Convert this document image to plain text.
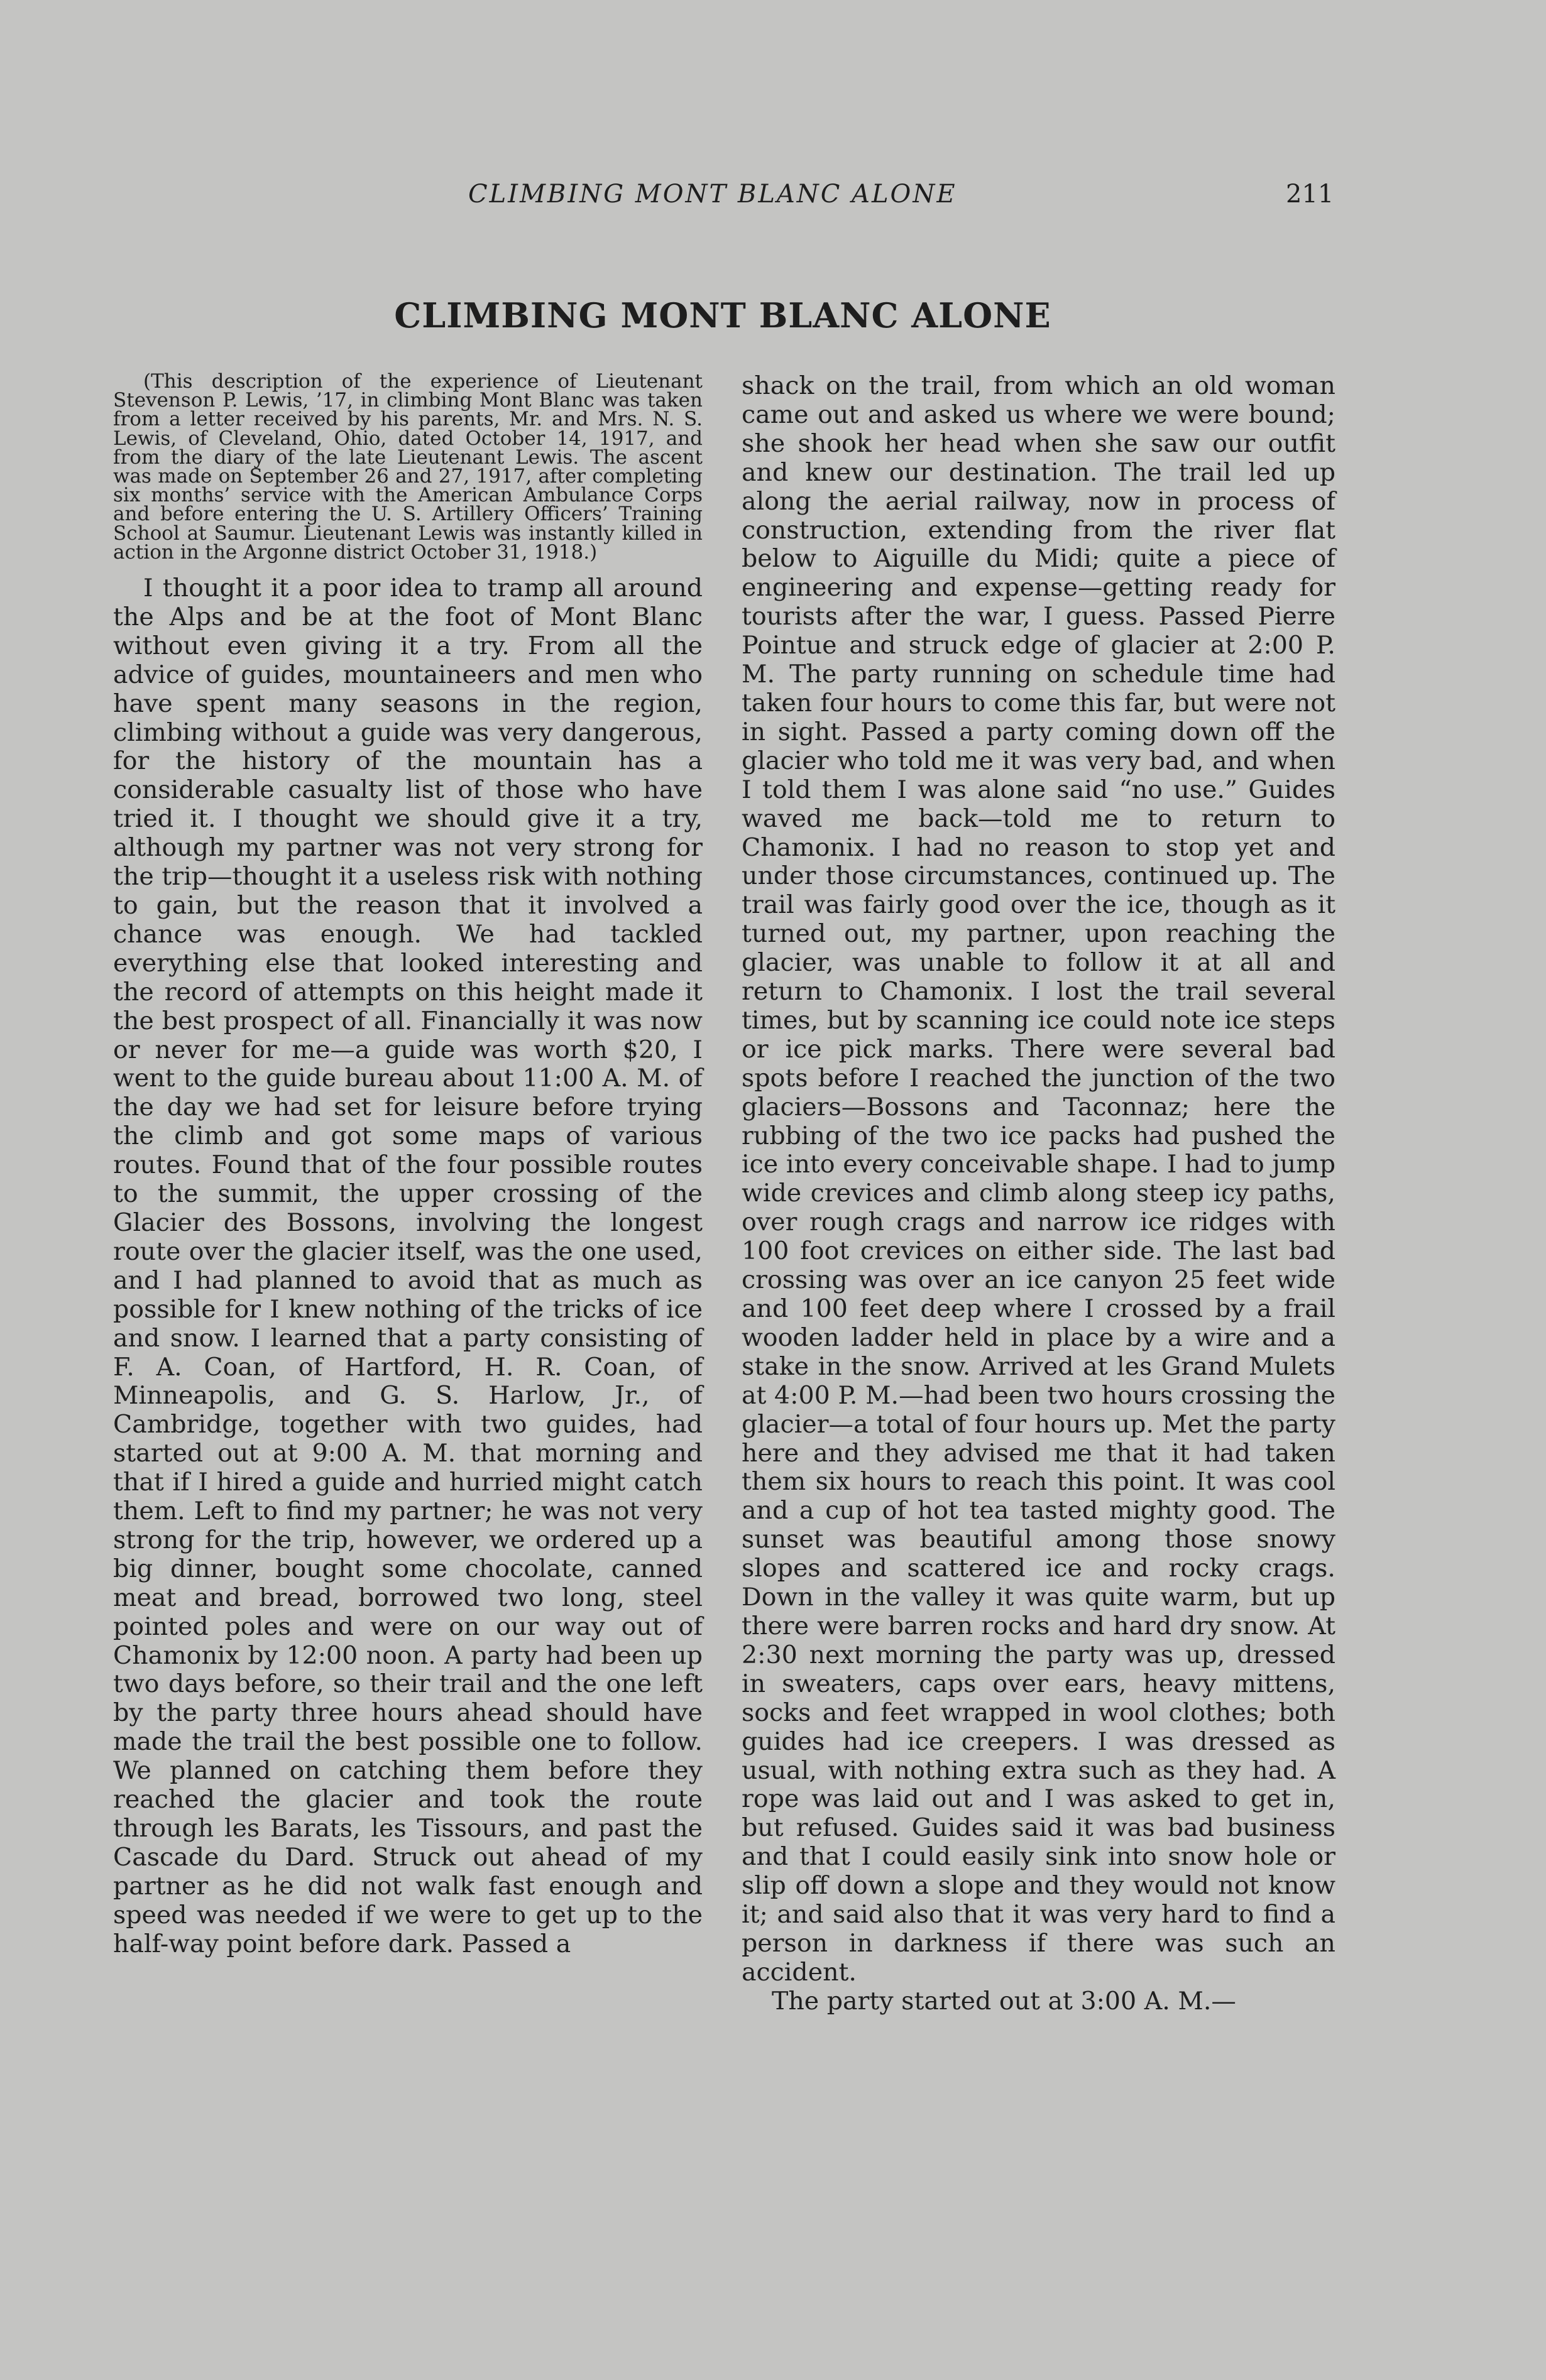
CLIMBING MONT BLANC ALONE	211
CLIMBING MONT BLANC ALONE

(This description of the experience of Lieutenant Stevenson P. Lewis, ’17, in climbing Mont Blanc was taken from a letter received by his parents, Mr. and Mrs. N. S. Lewis, of Cleveland, Ohio, dated October 14, 1917, and from the diary of the late Lieutenant Lewis. The ascent was made on September 26 and 27, 1917, after completing six months’ service with the American Ambulance Corps and before entering the U. S. Artillery Officers’ Training School at Saumur. Lieutenant Lewis was instantly killed in action in the Argonne district October 31, 1918.)

I thought it a poor idea to tramp all around the Alps and be at the foot of Mont Blanc without even giving it a try. From all the advice of guides, mountaineers and men who have spent many seasons in the region, climbing without a guide was very dangerous, for the history of the mountain has a considerable casualty list of those who have tried it. I thought we should give it a try, although my partner was not very strong for the trip—thought it a useless risk with nothing to gain, but the reason that it involved a chance was enough. We had tackled everything else that looked interesting and the record of attempts on this height made it the best prospect of all. Financially it was now or never for me—a guide was worth $20, I went to the guide bureau about 11:00 A. M. of the day we had set for leisure before trying the climb and got some maps of various routes. Found that of the four possible routes to the summit, the upper crossing of the Glacier des Bossons, involving the longest route over the glacier itself, was the one used, and I had planned to avoid that as much as possible for I knew nothing of the tricks of ice and snow. I learned that a party consisting of F. A. Coan, of Hartford, H. R. Coan, of Minneapolis, and G. S. Harlow, Jr., of Cambridge, together with two guides, had started out at 9:00 A. M. that morning and that if I hired a guide and hurried might catch them. Left to find my partner; he was not very strong for the trip, however, we ordered up a big dinner, bought some chocolate, canned meat and bread, borrowed two long, steel pointed poles and were on our way out of Chamonix by 12:00 noon. A party had been up two days before, so their trail and the one left by the party three hours ahead should have made the trail the best possible one to follow. We planned on catching them before they reached the glacier and took the route through les Barats, les Tissours, and past the Cascade du Dard. Struck out ahead of my partner as he did not walk fast enough and speed was needed if we were to get up to the half-way point before dark. Passed a

shack on the trail, from which an old woman came out and asked us where we were bound; she shook her head when she saw our outfit and knew our destination. The trail led up along the aerial railway, now in process of construction, extending from the river flat below to Aiguille du Midi; quite a piece of engineering and expense—getting ready for tourists after the war, I guess. Passed Pierre Pointue and struck edge of glacier at 2:00 P. M. The party running on schedule time had taken four hours to come this far, but were not in sight. Passed a party coming down off the glacier who told me it was very bad, and when I told them I was alone said “no use.” Guides waved me back—told me to return to Chamonix. I had no reason to stop yet and under those circumstances, continued up. The trail was fairly good over the ice, though as it turned out, my partner, upon reaching the glacier, was unable to follow it at all and return to Chamonix. I lost the trail several times, but by scanning ice could note ice steps or ice pick marks. There were several bad spots before I reached the junction of the two glaciers—Bossons and Taconnaz; here the rubbing of the two ice packs had pushed the ice into every conceivable shape. I had to jump wide crevices and climb along steep icy paths, over rough crags and narrow ice ridges with 100 foot crevices on either side. The last bad crossing was over an ice canyon 25 feet wide and 100 feet deep where I crossed by a frail wooden ladder held in place by a wire and a stake in the snow. Arrived at les Grand Mulets at 4:00 P. M.—had been two hours crossing the glacier—a total of four hours up. Met the party here and they advised me that it had taken them six hours to reach this point. It was cool and a cup of hot tea tasted mighty good. The sunset was beautiful among those snowy slopes and scattered ice and rocky crags. Down in the valley it was quite warm, but up there were barren rocks and hard dry snow. At 2:30 next morning the party was up, dressed in sweaters, caps over ears, heavy mittens, socks and feet wrapped in wool clothes; both guides had ice creepers. I was dressed as usual, with nothing extra such as they had. A rope was laid out and I was asked to get in, but refused. Guides said it was bad business and that I could easily sink into snow hole or slip off down a slope and they would not know it; and said also that it was very hard to find a person in darkness if there was such an accident.

The party started out at 3:00 A. M.—
